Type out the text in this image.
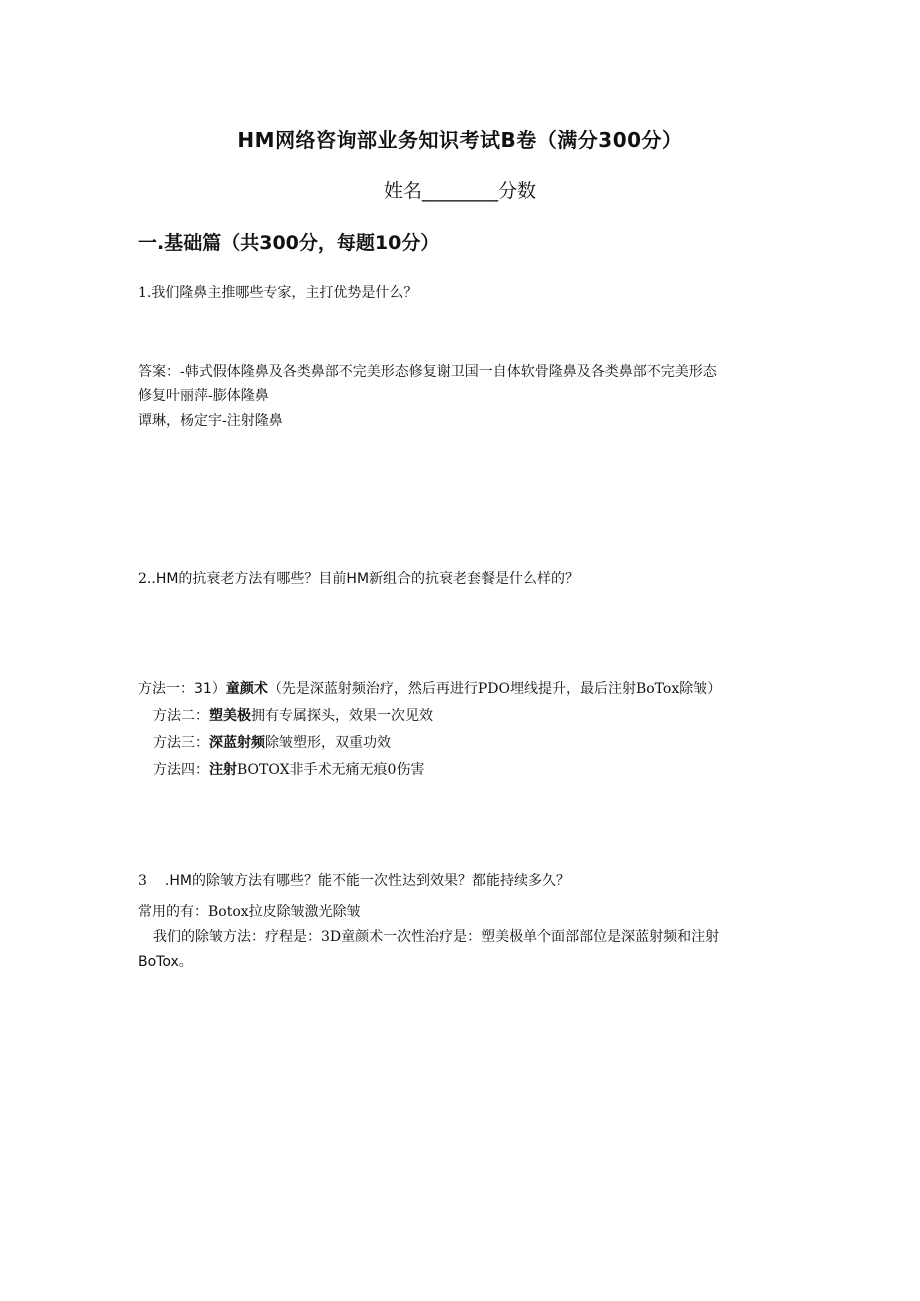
HM网络咨询部业务知识考试B卷（满分300分）
姓名________分数
一.基础篇（共300分，每题10分）
1.我们隆鼻主推哪些专家，主打优势是什么？
答案：-韩式假体隆鼻及各类鼻部不完美形态修复谢卫国一自体软骨隆鼻及各类鼻部不完美形态
修复叶丽萍-膨体隆鼻
谭琳，杨定宇-注射隆鼻
2..HM的抗衰老方法有哪些？目前HM新组合的抗衰老套餐是什么样的？
方法一：31）童颜术（先是深蓝射频治疗，然后再进行PDO埋线提升，最后注射BoTox除皱）
方法二：塑美极拥有专属探头，效果一次见效
方法三：深蓝射频除皱塑形，双重功效
方法四：注射BOTOX非手术无痛无痕0伤害
3 .HM的除皱方法有哪些？能不能一次性达到效果？都能持续多久？
常用的有：Botox拉皮除皱激光除皱
我们的除皱方法：疗程是：3D童颜术一次性治疗是：塑美极单个面部部位是深蓝射频和注射
BoTox。
